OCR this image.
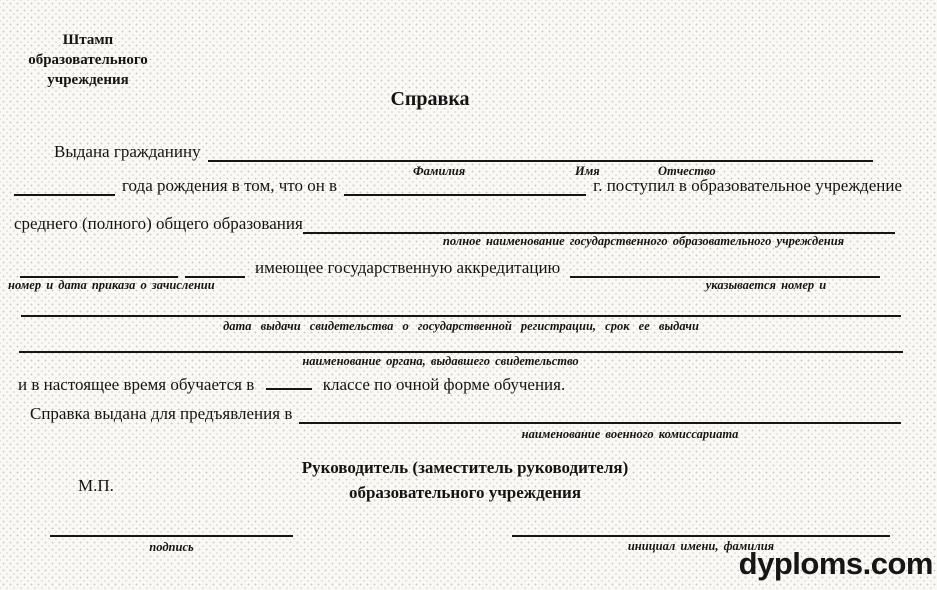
Штамп
образовательного
учреждения
Справка
Выдана гражданину
Фамилия	Имя	Отчество
года рождения в том, что он в	г. поступил в образовательное учреждение
среднего (полного) общего образования
полное наименование государственного образовательного учреждения
имеющее государственную аккредитацию
номер и дата приказа о зачислении	указывается номер и
дата выдачи свидетельства о государственной регистрации, срок ее выдачи
наименование органа, выдавшего свидетельство
и в настоящее время обучается в	классе по очной форме обучения.
Справка выдана для предъявления в
наименование военного комиссариата
Руководитель (заместитель руководителя)
образовательного учреждения
М.П.
подпись	инициал имени, фамилия
dyploms.com
